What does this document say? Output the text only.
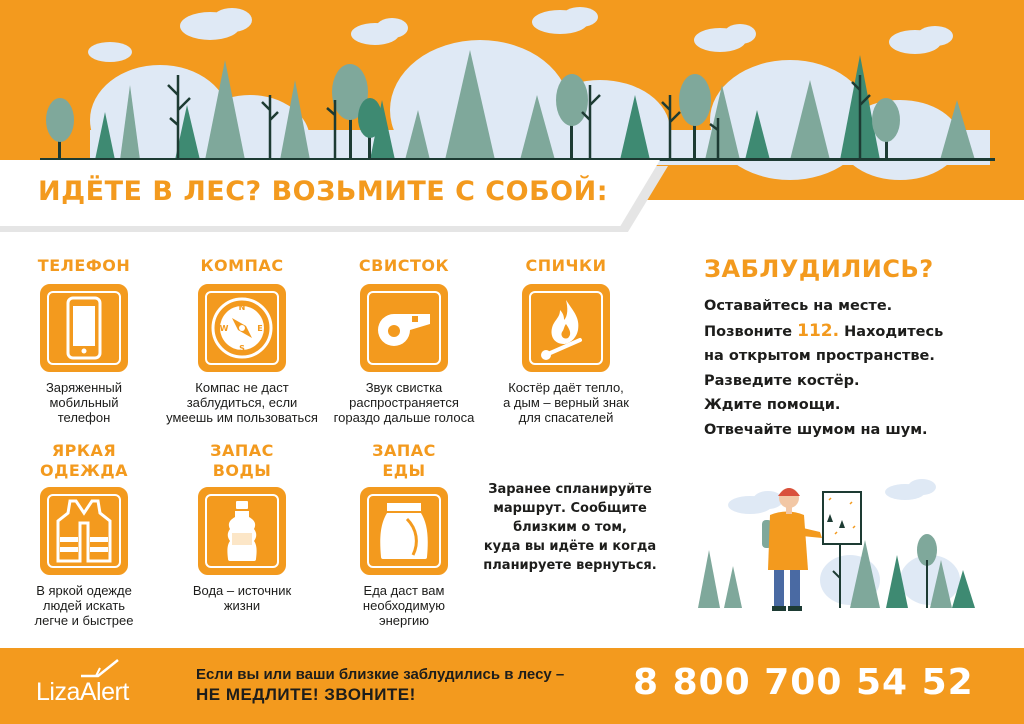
ИДЁТЕ В ЛЕС? ВОЗЬМИТЕ С СОБОЙ:
ТЕЛЕФОН
Заряженный
мобильный
телефон
КОМПАС
N
E
S
W
Компас не даст
заблудиться, если
умеешь им пользоваться
СВИСТОК
Звук свистка
распространяется
гораздо дальше голоса
СПИЧКИ
Костёр даёт тепло,
а дым – верный знак
для спасателей
ЯРКАЯ
ОДЕЖДА
В яркой одежде
людей искать
легче и быстрее
ЗАПАС
ВОДЫ
Вода – источник
жизни
ЗАПАС
ЕДЫ
Еда даст вам
необходимую
энергию
Заранее спланируйте
маршрут. Сообщите
близким о том,
куда вы идёте и когда
планируете вернуться.
ЗАБЛУДИЛИСЬ?
Оставайтесь на месте.
Позвоните 112. Находитесь
на открытом пространстве.
Разведите костёр.
Ждите помощи.
Отвечайте шумом на шум.
LizaAlert
Если вы или ваши близкие заблудились в лесу –
НЕ МЕДЛИТЕ! ЗВОНИТЕ!	8 800 700 54 52
